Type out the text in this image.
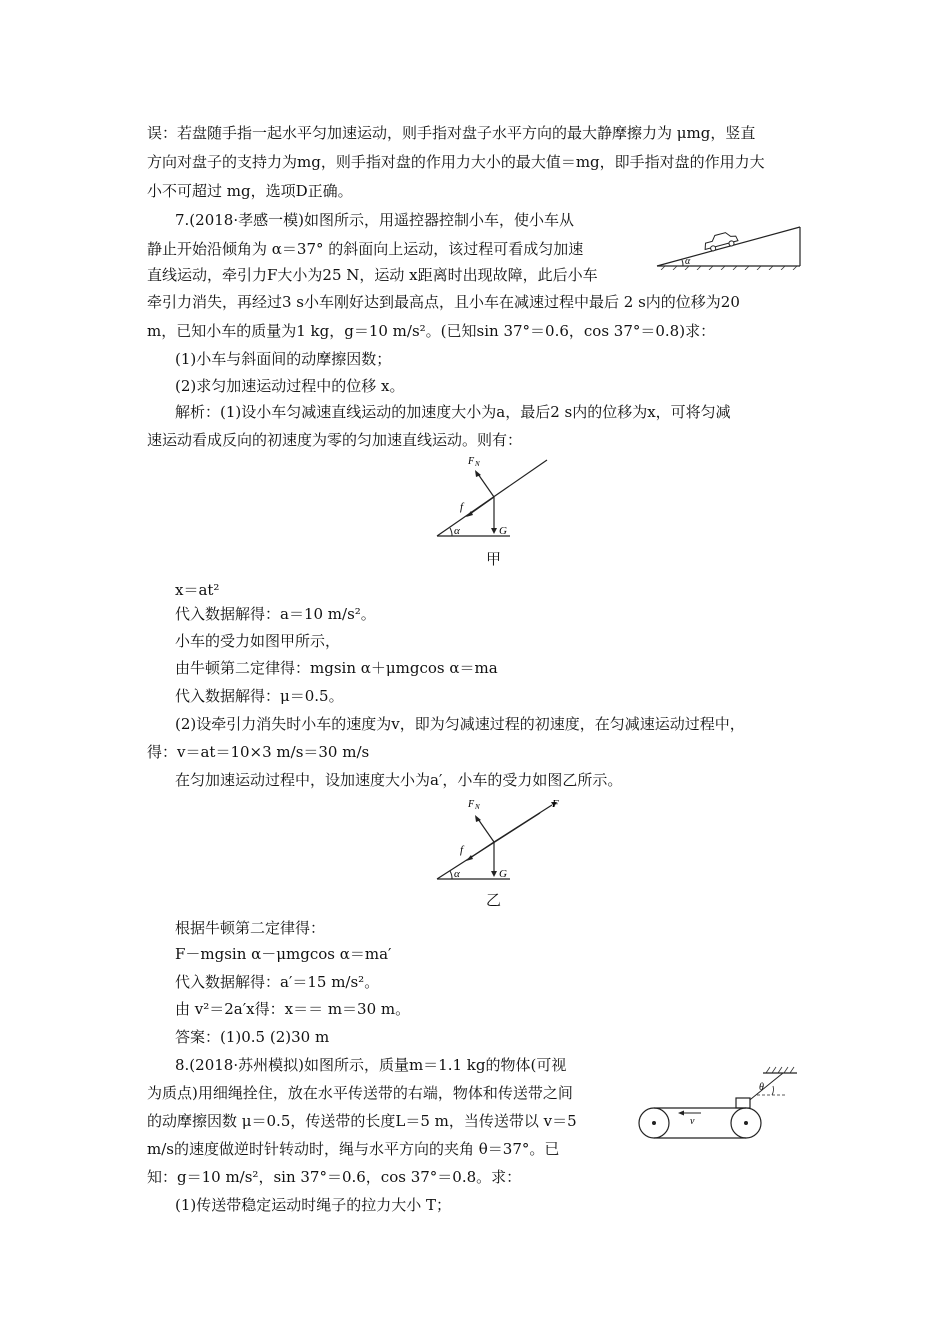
误：若盘随手指一起水平匀加速运动，则手指对盘子水平方向的最大静摩擦力为 μmg，竖直
方向对盘子的支持力为mg，则手指对盘的作用力大小的最大值＝mg，即手指对盘的作用力大
小不可超过 mg，选项D正确。
7.(2018·孝感一模)如图所示，用遥控器控制小车，使小车从
静止开始沿倾角为 α＝37° 的斜面向上运动，该过程可看成匀加速
直线运动，牵引力F大小为25 N，运动 x距离时出现故障，此后小车
牵引力消失，再经过3 s小车刚好达到最高点，且小车在减速过程中最后 2 s内的位移为20
m，已知小车的质量为1 kg，g＝10 m/s²。(已知sin 37°＝0.6，cos 37°＝0.8)求：
(1)小车与斜面间的动摩擦因数；
(2)求匀加速运动过程中的位移 x。
解析：(1)设小车匀减速直线运动的加速度大小为a，最后2 s内的位移为x，可将匀减
速运动看成反向的初速度为零的匀加速直线运动。则有：
α
F N
f
G
甲
x＝at²
代入数据解得：a＝10 m/s²。
小车的受力如图甲所示，
由牛顿第二定律得：mgsin α＋μmgcos α＝ma
代入数据解得：μ＝0.5。
(2)设牵引力消失时小车的速度为v，即为匀减速过程的初速度，在匀减速运动过程中，
得：v＝at＝10×3 m/s＝30 m/s
在匀加速运动过程中，设加速度大小为a′，小车的受力如图乙所示。
α
F N
f
G
F
乙
根据牛顿第二定律得：
F－mgsin α－μmgcos α＝ma′
代入数据解得：a′＝15 m/s²。
由 v²＝2a′x得：x＝＝ m＝30 m。
答案：(1)0.5 (2)30 m
8.(2018·苏州模拟)如图所示，质量m＝1.1 kg的物体(可视
为质点)用细绳拴住，放在水平传送带的右端，物体和传送带之间
的动摩擦因数 μ＝0.5，传送带的长度L＝5 m，当传送带以 v＝5
m/s的速度做逆时针转动时，绳与水平方向的夹角 θ＝37°。已
知：g＝10 m/s²，sin 37°＝0.6，cos 37°＝0.8。求：
(1)传送带稳定运动时绳子的拉力大小 T；
α
θ
v
